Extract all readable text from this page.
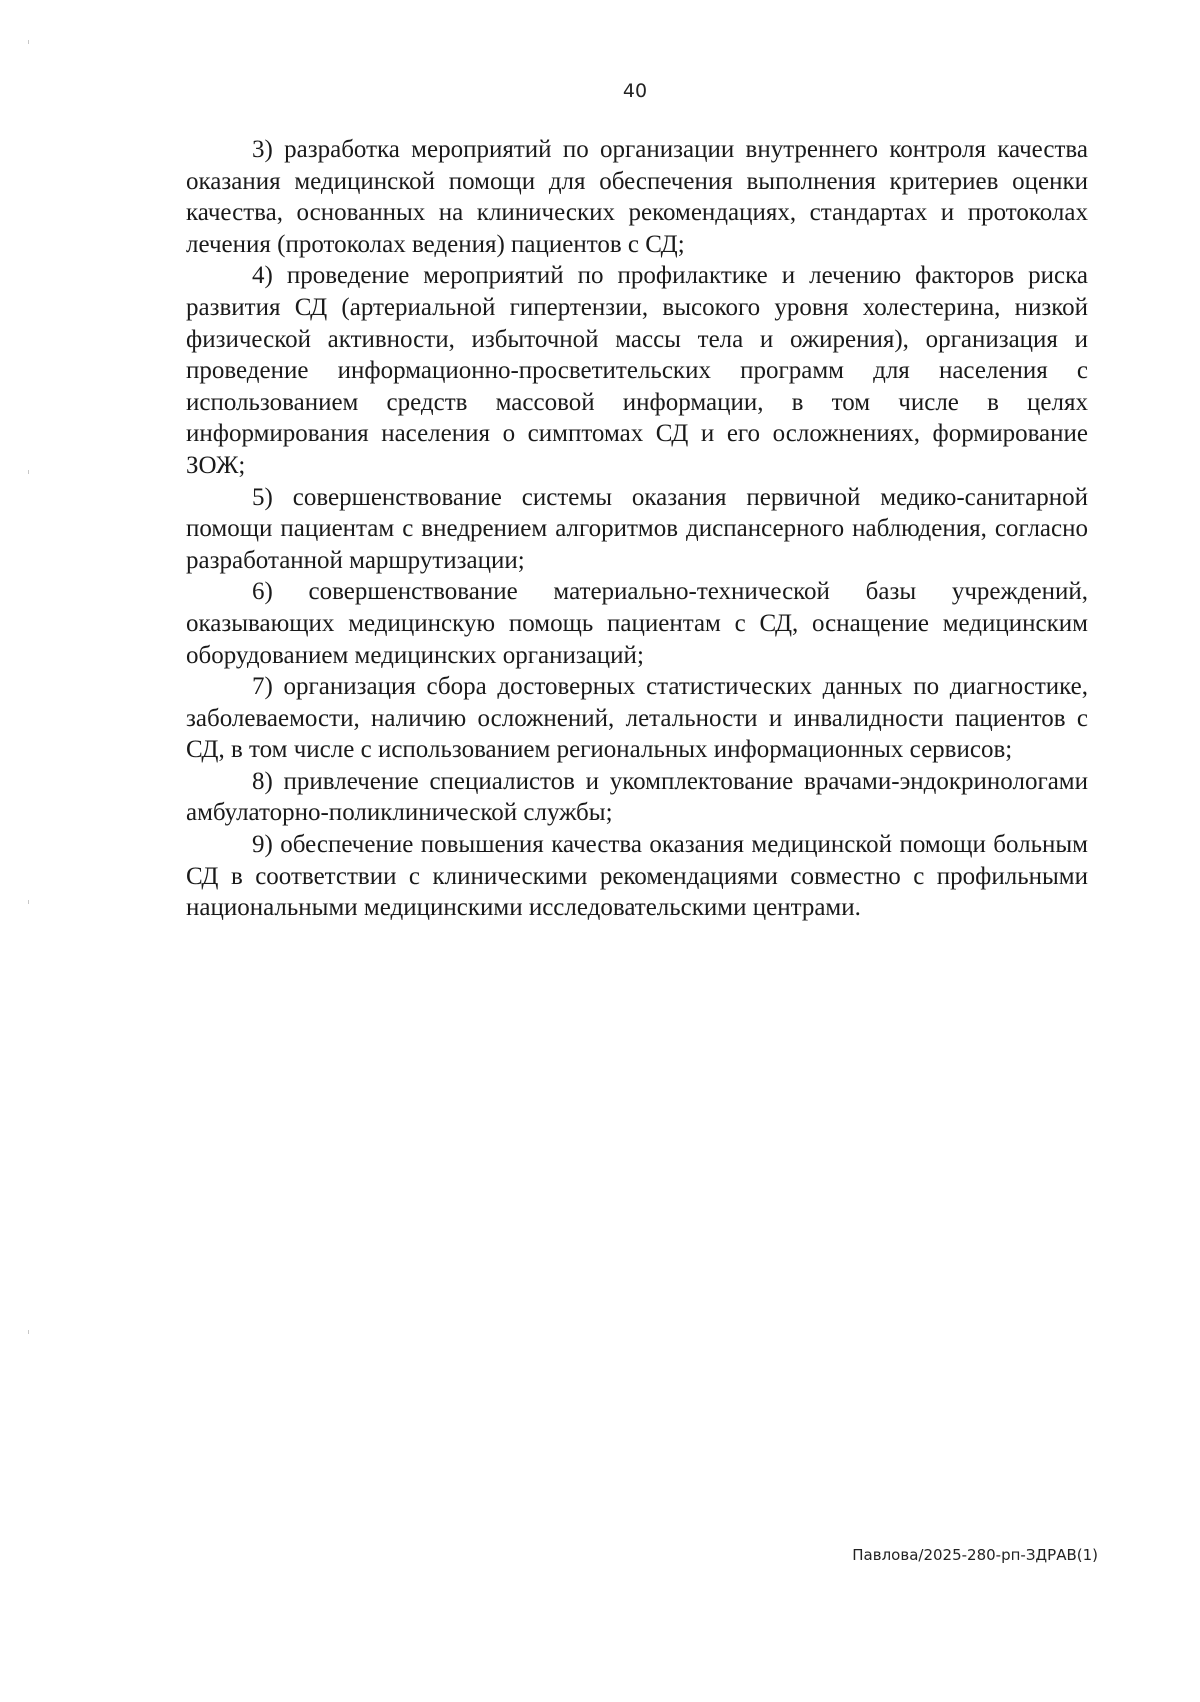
40

3) разработка мероприятий по организации внутреннего контроля качества оказания медицинской помощи для обеспечения выполнения критериев оценки качества, основанных на клинических рекомендациях, стандартах и протоколах лечения (протоколах ведения) пациентов с СД;

4) проведение мероприятий по профилактике и лечению факторов риска развития СД (артериальной гипертензии, высокого уровня холестерина, низкой физической активности, избыточной массы тела и ожирения), организация и проведение информационно-просветительских программ для населения с использованием средств массовой информации, в том числе в целях информирования населения о симптомах СД и его осложнениях, формирование ЗОЖ;

5) совершенствование системы оказания первичной медико-санитарной помощи пациентам с внедрением алгоритмов диспансерного наблюдения, согласно разработанной маршрутизации;

6) совершенствование материально-технической базы учреждений, оказывающих медицинскую помощь пациентам с СД, оснащение медицинским оборудованием медицинских организаций;

7) организация сбора достоверных статистических данных по диагностике, заболеваемости, наличию осложнений, летальности и инвалидности пациентов с СД, в том числе с использованием региональных информационных сервисов;

8) привлечение специалистов и укомплектование врачами-эндокринологами амбулаторно-поликлинической службы;

9) обеспечение повышения качества оказания медицинской помощи больным СД в соответствии с клиническими рекомендациями совместно с профильными национальными медицинскими исследовательскими центрами.

Павлова/2025-280-рп-ЗДРАВ(1)
